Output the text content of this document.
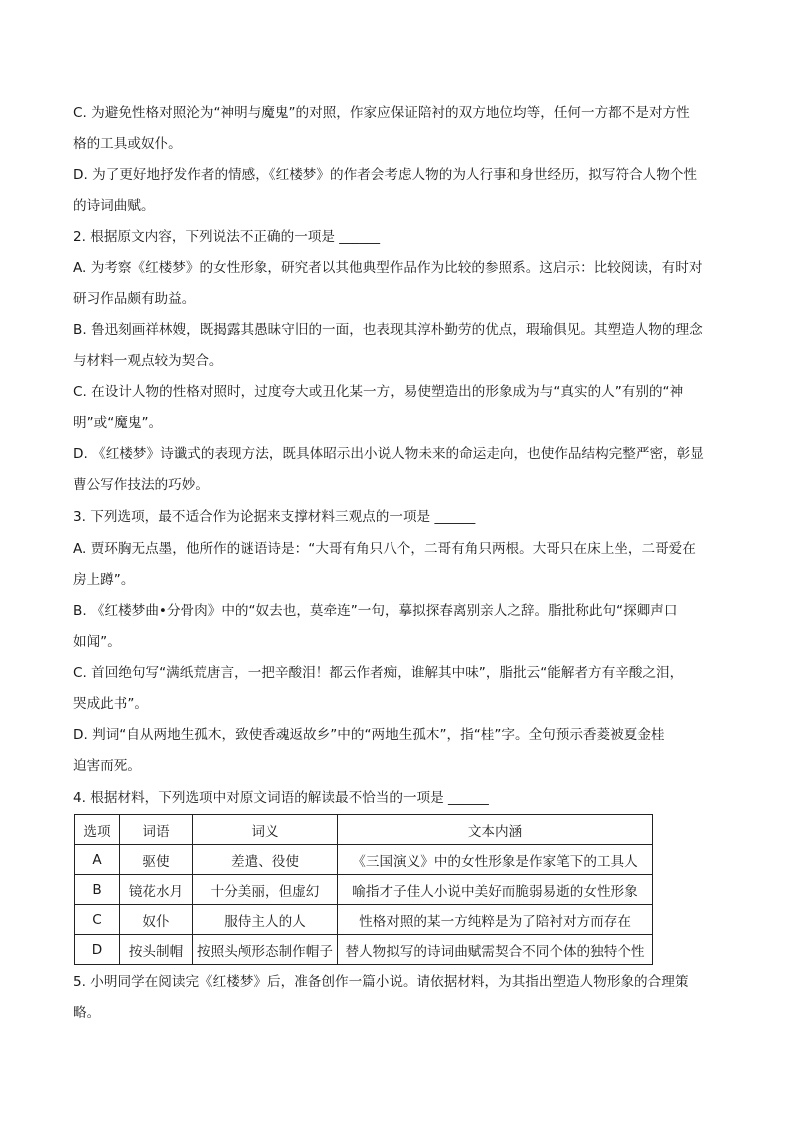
C. 为避免性格对照沦为“神明与魔鬼”的对照，作家应保证陪衬的双方地位均等，任何一方都不是对方性
格的工具或奴仆。

D. 为了更好地抒发作者的情感，《红楼梦》的作者会考虑人物的为人行事和身世经历，拟写符合人物个性
的诗词曲赋。

2. 根据原文内容，下列说法不正确的一项是 ______

A. 为考察《红楼梦》的女性形象，研究者以其他典型作品作为比较的参照系。这启示：比较阅读，有时对
研习作品颇有助益。

B. 鲁迅刻画祥林嫂，既揭露其愚昧守旧的一面，也表现其淳朴勤劳的优点，瑕瑜俱见。其塑造人物的理念
与材料一观点较为契合。

C. 在设计人物的性格对照时，过度夸大或丑化某一方，易使塑造出的形象成为与“真实的人”有别的“神
明”或“魔鬼”。

D. 《红楼梦》诗谶式的表现方法，既具体昭示出小说人物未来的命运走向，也使作品结构完整严密，彰显
曹公写作技法的巧妙。

3. 下列选项，最不适合作为论据来支撑材料三观点的一项是 ______

A. 贾环胸无点墨，他所作的谜语诗是：“大哥有角只八个，二哥有角只两根。大哥只在床上坐，二哥爱在
房上蹲”。

B. 《红楼梦曲•分骨肉》中的“奴去也，莫牵连”一句，摹拟探春离别亲人之辞。脂批称此句“探卿声口
如闻”。

C. 首回绝句写“满纸荒唐言，一把辛酸泪！都云作者痴，谁解其中味”，脂批云“能解者方有辛酸之泪，
哭成此书”。

D. 判词“自从两地生孤木，致使香魂返故乡”中的“两地生孤木”，指“桂”字。全句预示香菱被夏金桂
迫害而死。

4. 根据材料，下列选项中对原文词语的解读最不恰当的一项是 ______

选项	词语	词义	文本内涵
A	驱使	差遣、役使	《三国演义》中的女性形象是作家笔下的工具人
B	镜花水月	十分美丽，但虚幻	喻指才子佳人小说中美好而脆弱易逝的女性形象
C	奴仆	服侍主人的人	性格对照的某一方纯粹是为了陪衬对方而存在
D	按头制帽	按照头颅形态制作帽子	替人物拟写的诗词曲赋需契合不同个体的独特个性

5. 小明同学在阅读完《红楼梦》后，准备创作一篇小说。请依据材料，为其指出塑造人物形象的合理策
略。
